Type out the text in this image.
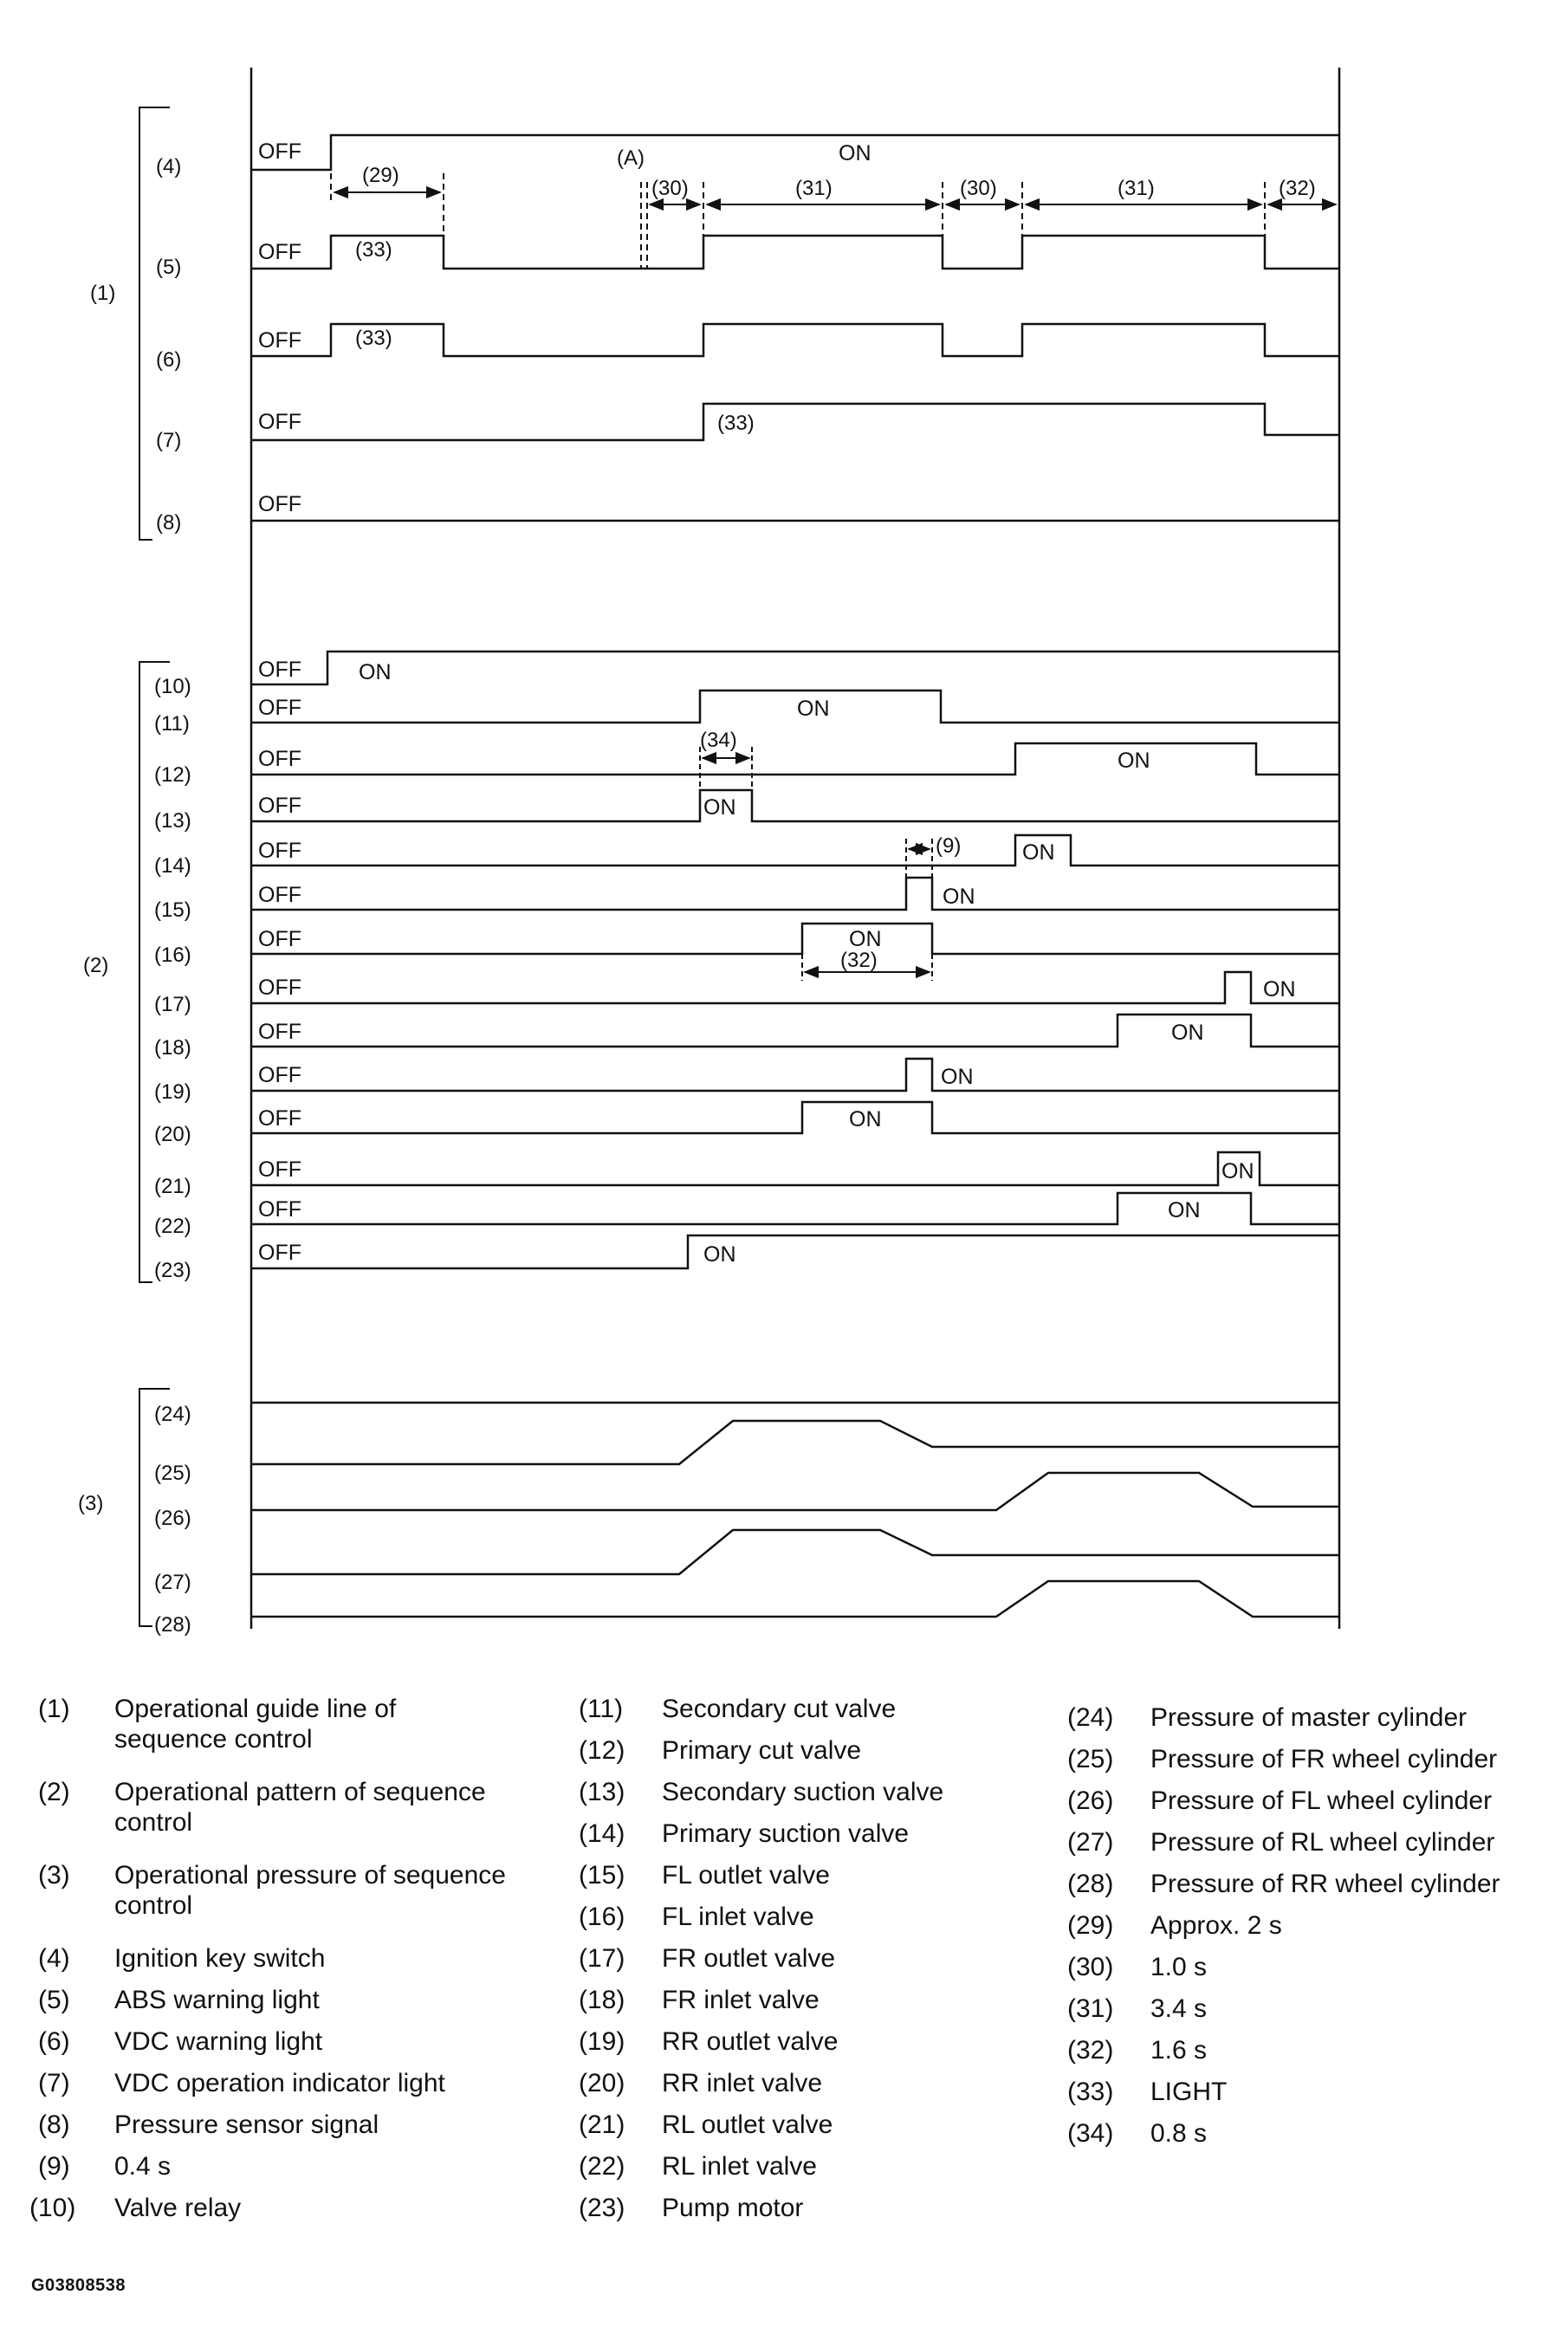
(1)
(2)
(3)
(4)
(5)
(6)
(7)
(8)
(10)
(11)
(12)
(13)
(14)
(15)
(16)
(17)
(18)
(19)
(20)
(21)
(22)
(23)
(24)
(25)
(26)
(27)
(28)
OFF
OFF
OFF
OFF
OFF
ON
(33)
(33)
(33)
(29)
(A)
(30)	(31)	(30)	(31)	(32)
OFF
OFF
OFF
OFF
OFF
OFF
OFF
OFF
OFF
OFF
OFF
OFF
OFF
OFF
ON
ON
ON
ON
ON
ON
ON
ON
ON
ON
ON
ON
ON
ON
(34)
(9)
(32)
(1) Operational guide line of sequence control
(2) Operational pattern of sequence control
(3) Operational pressure of sequence control
(4) Ignition key switch
(5) ABS warning light
(6) VDC warning light
(7) VDC operation indicator light
(8) Pressure sensor signal
(9) 0.4 s
(10) Valve relay
(11) Secondary cut valve
(12) Primary cut valve
(13) Secondary suction valve
(14) Primary suction valve
(15) FL outlet valve
(16) FL inlet valve
(17) FR outlet valve
(18) FR inlet valve
(19) RR outlet valve
(20) RR inlet valve
(21) RL outlet valve
(22) RL inlet valve
(23) Pump motor
(24) Pressure of master cylinder
(25) Pressure of FR wheel cylinder
(26) Pressure of FL wheel cylinder
(27) Pressure of RL wheel cylinder
(28) Pressure of RR wheel cylinder
(29) Approx. 2 s
(30) 1.0 s
(31) 3.4 s
(32) 1.6 s
(33) LIGHT
(34) 0.8 s
G03808538
